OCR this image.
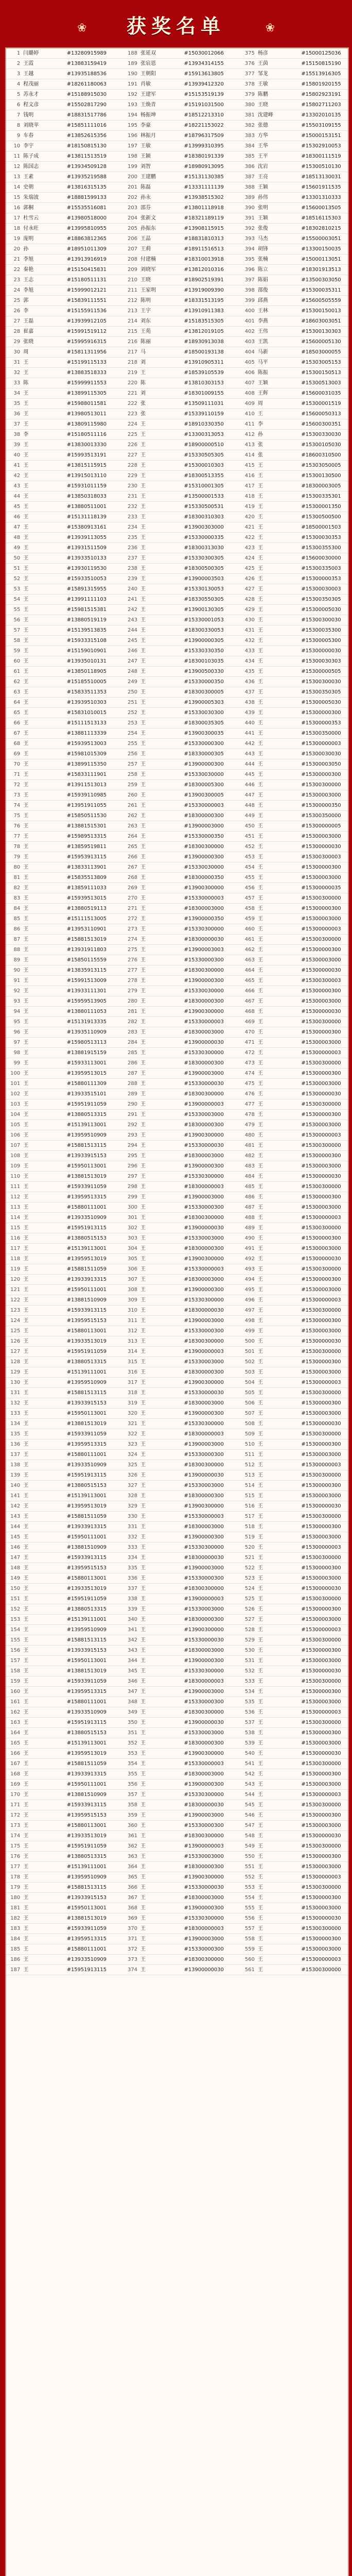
❀ 获奖名单	❀
1	闫璐婷	#13280915989		188	张延双	#15030012066		375	杨彦	#15000125036
2	王霞	#13883159419		189	张宸恩	#13934314155		376	王茵	#15150815190
3	王越	#13935188536		190	王朝阳	#15913613805		377	邹龙	#15513916305
4	程茂丽	#18261180063		191	肖敏	#13939412320		378	王敏	#15801920155
5	苏永才	#15188915030		192	王建军	#15153519139		379	陈鹏	#15802923191
6	程文彦	#15502817290		193	王焕青	#15191031500		380	王晓	#15802711203
7	钱明	#18831517786		194	杨振坤	#18512213310		381	沈建峰	#13302010135
8	刘晓苹	#15851111016		195	李豪	#18221153022		382	张德	#15503109155
9	车春	#13852615356		196	林振月	#18796317509		383	方华	#15000153151
10	李宇	#18150815130		197	王敏	#13999310395		384	王华	#15302910053
11	陈子成	#13811513519		198	王颖	#18380191339		385	王平	#18300111519
12	陈国志	#13934509128		199	刘智	#18980913095		386	沈岩	#15300510130
13	王素	#13935219588		200	王建鹏	#15131130385		387	王亮	#18513130031
14	史朝	#13816315135		201	陈磊	#13331111139		388	王颖	#15601911535
15	朱瑞波	#18881599133		202	孙永	#13938515302		389	孙伟	#13301310333
16	郭桐	#15535516081		203	邵芬	#13801118918		390	张明	#15600013505
17	杜雪云	#13980518000		204	张新文	#18321189119		391	王颖	#18516115303
18	付永旺	#13995810955		205	孙振东	#13908115915		392	张俊	#18302810215
19	庞明	#18863812365		206	王晶	#18831810313		393	马杰	#15500003051
20	孙	#18951011309		207	王莉	#18911516513		394	胡锋	#13300150035
21	李旭	#13913916919		208	付建楠	#18310013918		395	张楠	#15000113051
22	秦艳	#15150415831		209	刘晓军	#13812010316		396	陈立	#18301913513
23	王志	#15180511131		210	王晓	#18902519391		397	陈娟	#13500303050
24	李旭	#15999012121		211	王家明	#13919009390		398	邵俊	#15300035311
25	郭	#15839111551		212	陈明	#18331513195		399	邱燕	#15600505559
26	李	#15155911536		213	王宇	#13910911383		400	王林	#15300150013
27	王磊	#13939912105		214	刘东	#15183515305		401	李燕	#18603003051
28	崔嘉	#15991519112		215	王苑	#13812019105		402	王伟	#15300130303
29	张晓	#15995916315		216	陈丽	#18930913038		403	王凯	#15600005130
30	周	#15811311956		217	马	#18500193138		404	马新	#18503000055
31	王	#15199115133		218	刘	#13910905311		405	马平	#15303005153
32	王	#13883518333		219	王	#18539105539		406	陈振	#15300150513
33	陈	#15999911553		220	陈	#13810303153		407	王颖	#15300513003
34	王	#13899115305		221	刘	#18301009155		408	王辉	#15600031035
35	王	#15988011581		222	张	#13509111031		409	周	#15300001519
36	王	#13980513011		223	张	#15339110159		410	王	#15600050313
37	王	#13809115980		224	王	#18910330350		411	李	#15600300351
38	李	#15180511116		225	王	#13300313053		412	孙	#15300330030
39	王	#13830013330		226	王	#18900000510		413	张	#15300105030
40	王	#15993513191		227	王	#15330505305		414	张	#18600310500
41	王	#13815115915		228	王	#15300010303		415	王	#15303050005
42	王	#13915013110		229	王	#18300513355		416	王	#15300130500
43	王	#15931011159		230	王	#15310001305		417	王	#18300003005
44	王	#13850318033		231	王	#13500001533		418	王	#15300335301
45	王	#13880511001		232	王	#15330500531		419	王	#15300001350
46	王	#15131118139		233	王	#18300310303		420	王	#15300500500
47	王	#15380913161		234	王	#13900303000		421	王	#18500001503
48	王	#13939113055		235	王	#15330000335		422	王	#15300030353
49	王	#13931511509		236	王	#18300313030		423	王	#15300355300
50	王	#13933510133		237	王	#15330300305		424	王	#15600030000
51	王	#13930119530		238	王	#18300500305		425	王	#15300335003
52	王	#15933510053		239	王	#13900003503		426	王	#15300000353
53	王	#15891315955		240	王	#15330130053		427	王	#15300030003
54	王	#13991111103		241	王	#18330550305		428	王	#15300350305
55	王	#15981515381		242	王	#13900130305		429	王	#15300005030
56	王	#13880519119		243	王	#15330001053		430	王	#15300300030
57	王	#15139513835		244	王	#18300330053		431	王	#15300035300
58	王	#15933315108		245	王	#13900000305		432	王	#15300005300
59	王	#15159010901		246	王	#15330330350		433	王	#15300000030
60	王	#13935010131		247	王	#18300103035		434	王	#15300030303
61	王	#13850118905		248	王	#13900500330		435	王	#15300000505
62	王	#15185510005		249	王	#15330000350		436	王	#15300300030
63	王	#15833511353		250	王	#18300300005		437	王	#15300350305
64	王	#13939510303		251	王	#13900005303		438	王	#15300005030
65	王	#15831010015		252	王	#15330030300		439	王	#15300000300
66	王	#15111513133		253	王	#18300035305		440	王	#15300000353
67	王	#13881113339		254	王	#13900300035		441	王	#15300350000
68	王	#15939513003		255	王	#15330000300		442	王	#15300000003
69	王	#15981015309		256	王	#18330000305		443	王	#15300030030
70	王	#13899115350		257	王	#13900000300		444	王	#15300003050
71	王	#15833111901		258	王	#15330030000		445	王	#15300000300
72	王	#13911513013		259	王	#18300005300		446	王	#15300300000
73	王	#15939110985		260	王	#13900300005		447	王	#15300003000
74	王	#13951911055		261	王	#15330000003		448	王	#15300000350
75	王	#15850511530		262	王	#18300000300		449	王	#15300350000
76	王	#13881515301		263	王	#13900003000		450	王	#15300000005
77	王	#15989513315		264	王	#15330000350		451	王	#15300003000
78	王	#13859519811		265	王	#18300300000		452	王	#15300000030
79	王	#15953913115		266	王	#13900000300		453	王	#15300300003
80	王	#13833113901		267	王	#15330030000		454	王	#15300000300
81	王	#15835513809		268	王	#18300000350		455	王	#15300003000
82	王	#13859111033		269	王	#13900300000		456	王	#15300000035
83	王	#15939513015		270	王	#15330000003		457	王	#15300300000
84	王	#13880519113		271	王	#18300003000		458	王	#15300000300
85	王	#15111513005		272	王	#13900000350		459	王	#15300003000
86	王	#13953110901		273	王	#15330300000		460	王	#15300000003
87	王	#15881513019		274	王	#18300000030		461	王	#15300300000
88	王	#13931911803		275	王	#13900003003		462	王	#15300000300
89	王	#15850115559		276	王	#15330000300		463	王	#15300003000
90	王	#13835913115		277	王	#18300300000		464	王	#15300000030
91	王	#15991513009		278	王	#13900000300		465	王	#15300300003
92	王	#13933111301		279	王	#15330030000		466	王	#15300000300
93	王	#15959513905		280	王	#18300000300		467	王	#15300003000
94	王	#13880111053		281	王	#13900300000		468	王	#15300000030
95	王	#15131913335		282	王	#15330000003		469	王	#15300300000
96	王	#13935110909		283	王	#18300003000		470	王	#15300000300
97	王	#15980513113		284	王	#13900000030		471	王	#15300003000
98	王	#13881915159		285	王	#15330300000		472	王	#15300000003
99	王	#15933113001		286	王	#18300000300		473	王	#15300300000
100	王	#13959513015		287	王	#13900003000		474	王	#15300000300
101	王	#15880111309		288	王	#15330000030		475	王	#15300003000
102	王	#13933515101		289	王	#18300300000		476	王	#15300000030
103	王	#15951911059		290	王	#13900000003		477	王	#15300300000
104	王	#13880513315		291	王	#15330003000		478	王	#15300000300
105	王	#15139113001		292	王	#18300000300		479	王	#15300003000
106	王	#13959510909		293	王	#13900300000		480	王	#15300000003
107	王	#15881513115		294	王	#15330000030		481	王	#15300300000
108	王	#13933915153		295	王	#18300003000		482	王	#15300000300
109	王	#15950113001		296	王	#13900000300		483	王	#15300003000
110	王	#13881513019		297	王	#15330300000		484	王	#15300000030
111	王	#15933911059		298	王	#18300000003		485	王	#15300300000
112	王	#13959513315		299	王	#13900003000		486	王	#15300000300
113	王	#15880111001		300	王	#15330000300		487	王	#15300003000
114	王	#13933510909		301	王	#18300300000		488	王	#15300000003
115	王	#15951913115		302	王	#13900000030		489	王	#15300300000
116	王	#13880515153		303	王	#15330003000		490	王	#15300000300
117	王	#15139113001		304	王	#18300000300		491	王	#15300003000
118	王	#13959513019		305	王	#13900300000		492	王	#15300000030
119	王	#15881511059		306	王	#15330000003		493	王	#15300300000
120	王	#13933913315		307	王	#18300003000		494	王	#15300000300
121	王	#15950111001		308	王	#13900000300		495	王	#15300003000
122	王	#13881510909		309	王	#15330300000		496	王	#15300000003
123	王	#15933913115		310	王	#18300000030		497	王	#15300300000
124	王	#13959515153		311	王	#13900003000		498	王	#15300000300
125	王	#15880113001		312	王	#15330000300		499	王	#15300003000
126	王	#13933513019		313	王	#18300300000		500	王	#15300000030
127	王	#15951911059		314	王	#13900000003		501	王	#15300300000
128	王	#13880513315		315	王	#15330003000		502	王	#15300000300
129	王	#15139111001		316	王	#18300000300		503	王	#15300003000
130	王	#13959510909		317	王	#13900300000		504	王	#15300000003
131	王	#15881513115		318	王	#15330000030		505	王	#15300300000
132	王	#13933915153		319	王	#18300003000		506	王	#15300000300
133	王	#15950113001		320	王	#13900000300		507	王	#15300003000
134	王	#13881513019		321	王	#15330300000		508	王	#15300000030
135	王	#15933911059		322	王	#18300000003		509	王	#15300300000
136	王	#13959513315		323	王	#13900003000		510	王	#15300000300
137	王	#15880111001		324	王	#15330000300		511	王	#15300003000
138	王	#13933510909		325	王	#18300300000		512	王	#15300000003
139	王	#15951913115		326	王	#13900000030		513	王	#15300300000
140	王	#13880515153		327	王	#15330003000		514	王	#15300000300
141	王	#15139113001		328	王	#18300000300		515	王	#15300003000
142	王	#13959513019		329	王	#13900300000		516	王	#15300000030
143	王	#15881511059		330	王	#15330000003		517	王	#15300300000
144	王	#13933913315		331	王	#18300003000		518	王	#15300000300
145	王	#15950111001		332	王	#13900000300		519	王	#15300003000
146	王	#13881510909		333	王	#15330300000		520	王	#15300000003
147	王	#15933913115		334	王	#18300000030		521	王	#15300300000
148	王	#13959515153		335	王	#13900003000		522	王	#15300000300
149	王	#15880113001		336	王	#15330000300		523	王	#15300003000
150	王	#13933513019		337	王	#18300300000		524	王	#15300000030
151	王	#15951911059		338	王	#13900000003		525	王	#15300300000
152	王	#13880513315		339	王	#15330003000		526	王	#15300000300
153	王	#15139111001		340	王	#18300000300		527	王	#15300003000
154	王	#13959510909		341	王	#13900300000		528	王	#15300000003
155	王	#15881513115		342	王	#15330000030		529	王	#15300300000
156	王	#13933915153		343	王	#18300003000		530	王	#15300000300
157	王	#15950113001		344	王	#13900000300		531	王	#15300003000
158	王	#13881513019		345	王	#15330300000		532	王	#15300000030
159	王	#15933911059		346	王	#18300000003		533	王	#15300300000
160	王	#13959513315		347	王	#13900003000		534	王	#15300000300
161	王	#15880111001		348	王	#15330000300		535	王	#15300003000
162	王	#13933510909		349	王	#18300300000		536	王	#15300000003
163	王	#15951913115		350	王	#13900000030		537	王	#15300300000
164	王	#13880515153		351	王	#15330003000		538	王	#15300000300
165	王	#15139113001		352	王	#18300000300		539	王	#15300003000
166	王	#13959513019		353	王	#13900300000		540	王	#15300000030
167	王	#15881511059		354	王	#15330000003		541	王	#15300300000
168	王	#13933913315		355	王	#18300003000		542	王	#15300000300
169	王	#15950111001		356	王	#13900000300		543	王	#15300003000
170	王	#13881510909		357	王	#15330300000		544	王	#15300000003
171	王	#15933913115		358	王	#18300000030		545	王	#15300300000
172	王	#13959515153		359	王	#13900003000		546	王	#15300000300
173	王	#15880113001		360	王	#15330000300		547	王	#15300003000
174	王	#13933513019		361	王	#18300300000		548	王	#15300000030
175	王	#15951911059		362	王	#13900000003		549	王	#15300300000
176	王	#13880513315		363	王	#15330003000		550	王	#15300000300
177	王	#15139111001		364	王	#18300000300		551	王	#15300003000
178	王	#13959510909		365	王	#13900300000		552	王	#15300000003
179	王	#15881513115		366	王	#15330000030		553	王	#15300300000
180	王	#13933915153		367	王	#18300003000		554	王	#15300000300
181	王	#15950113001		368	王	#13900000300		555	王	#15300003000
182	王	#13881513019		369	王	#15330300000		556	王	#15300000030
183	王	#15933911059		370	王	#18300000003		557	王	#15300300000
184	王	#13959513315		371	王	#13900003000		558	王	#15300000300
185	王	#15880111001		372	王	#15330000300		559	王	#15300003000
186	王	#13933510909		373	王	#18300300000		560	王	#15300000003
187	王	#15951913115		374	王	#13900000030		561	王	#15300300000
